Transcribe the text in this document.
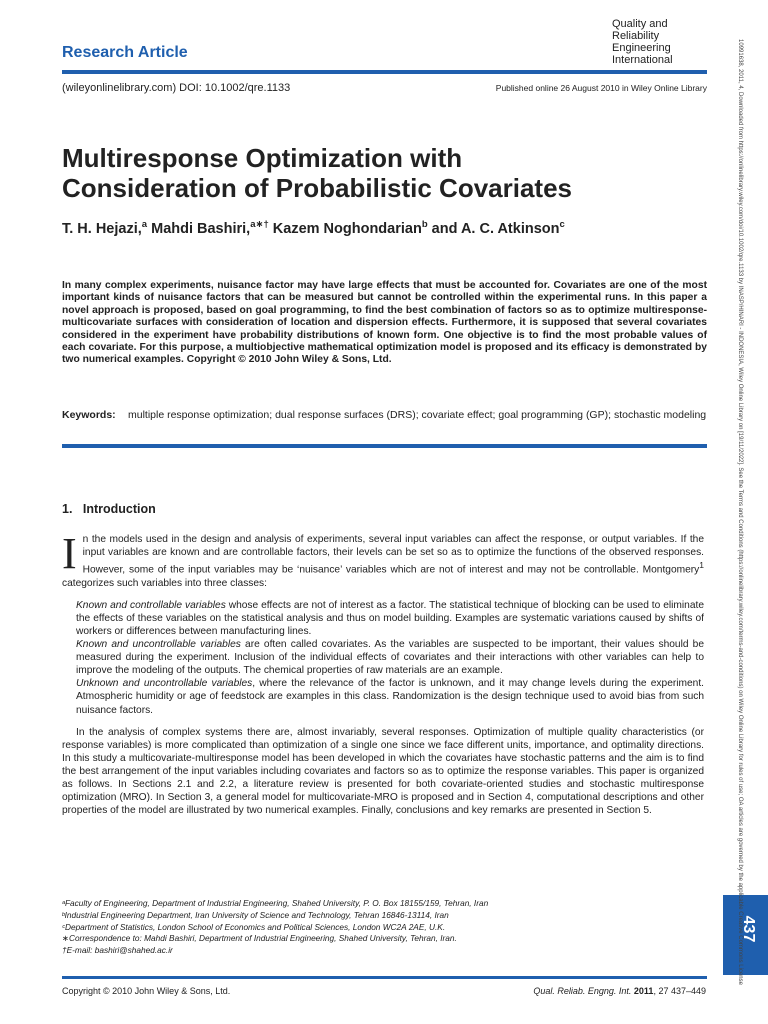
Research Article
Quality and
Reliability
Engineering
International
(wileyonlinelibrary.com) DOI: 10.1002/qre.1133	Published online 26 August 2010 in Wiley Online Library
Multiresponse Optimization with
Consideration of Probabilistic Covariates
T. H. Hejazi,$^a$ Mahdi Bashiri,$^{a∗\dagger}$ Kazem Noghondarian$^b$ and A. C. Atkinson$^c$
In many complex experiments, nuisance factor may have large effects that must be accounted for. Covariates are one of the most important kinds of nuisance factors that can be measured but cannot be controlled within the experimental runs. In this paper a novel approach is proposed, based on goal programming, to find the best combination of factors so as to optimize multiresponse-multicovariate surfaces with consideration of location and dispersion effects. Furthermore, it is supposed that several covariates considered in the experiment have probability distributions of known form. One objective is to find the most probable values of each covariate. For this purpose, a multiobjective mathematical optimization model is proposed and its efficacy is demonstrated by two numerical examples. Copyright © 2010 John Wiley & Sons, Ltd.
Keywords:	multiple response optimization; dual response surfaces (DRS); covariate effect; goal programming (GP); stochastic modeling
1.   Introduction

In the models used in the design and analysis of experiments, several input variables can affect the response, or output variables. If the input variables are known and are controllable factors, their levels can be set so as to optimize the functions of the observed responses. However, some of the input variables may be ‘nuisance’ variables which are not of interest and may not be controllable. Montgomery$^1$ categorizes such variables into three classes:

Known and controllable variables whose effects are not of interest as a factor. The statistical technique of blocking can be used to eliminate the effects of these variables on the statistical analysis and thus on model building. Examples are systematic variations caused by shifts of workers or differences between manufacturing lines.

Known and uncontrollable variables are often called covariates. As the variables are suspected to be important, their values should be measured during the experiment. Inclusion of the individual effects of covariates and their interactions with other variables can help to improve the modeling of the outputs. The chemical properties of raw materials are an example.

Unknown and uncontrollable variables, where the relevance of the factor is unknown, and it may change levels during the experiment. Atmospheric humidity or age of feedstock are examples in this class. Randomization is the design technique used to avoid bias from such nuisance factors.

In the analysis of complex systems there are, almost invariably, several responses. Optimization of multiple quality characteristics (or response variables) is more complicated than optimization of a single one since we face different units, importance, and optimality directions. In this study a multicovariate-multiresponse model has been developed in which the covariates have stochastic patterns and the aim is to find the best arrangement of the input variables including covariates and factors so as to optimize the response variables. This paper is organized as follows. In Sections 2.1 and 2.2, a literature review is presented for both covariate-oriented studies and stochastic multiresponse optimization (MRO). In Section 3, a general model for multicovariate-MRO is proposed and in Section 4, computational descriptions and other properties of the model are illustrated by two numerical examples. Finally, conclusions and key remarks are presented in Section 5.

ᵃFaculty of Engineering, Department of Industrial Engineering, Shahed University, P. O. Box 18155/159, Tehran, Iran
ᵇIndustrial Engineering Department, Iran University of Science and Technology, Tehran 16846-13114, Iran
ᶜDepartment of Statistics, London School of Economics and Political Sciences, London WC2A 2AE, U.K.
∗Correspondence to: Mahdi Bashiri, Department of Industrial Engineering, Shahed University, Tehran, Iran.
†E-mail: bashiri@shahed.ac.ir
Copyright © 2010 John Wiley & Sons, Ltd.	Qual. Reliab. Engng. Int. 2011, 27 437–449
437
10991638, 2011, 4, Downloaded from https://onlinelibrary.wiley.com/doi/10.1002/qre.1133 by INASP/HINARI - INDONESIA, Wiley Online Library on [19/11/2022]. See the Terms and Conditions (https://onlinelibrary.wiley.com/terms-and-conditions) on Wiley Online Library for rules of use; OA articles are governed by the applicable Creative Commons License
